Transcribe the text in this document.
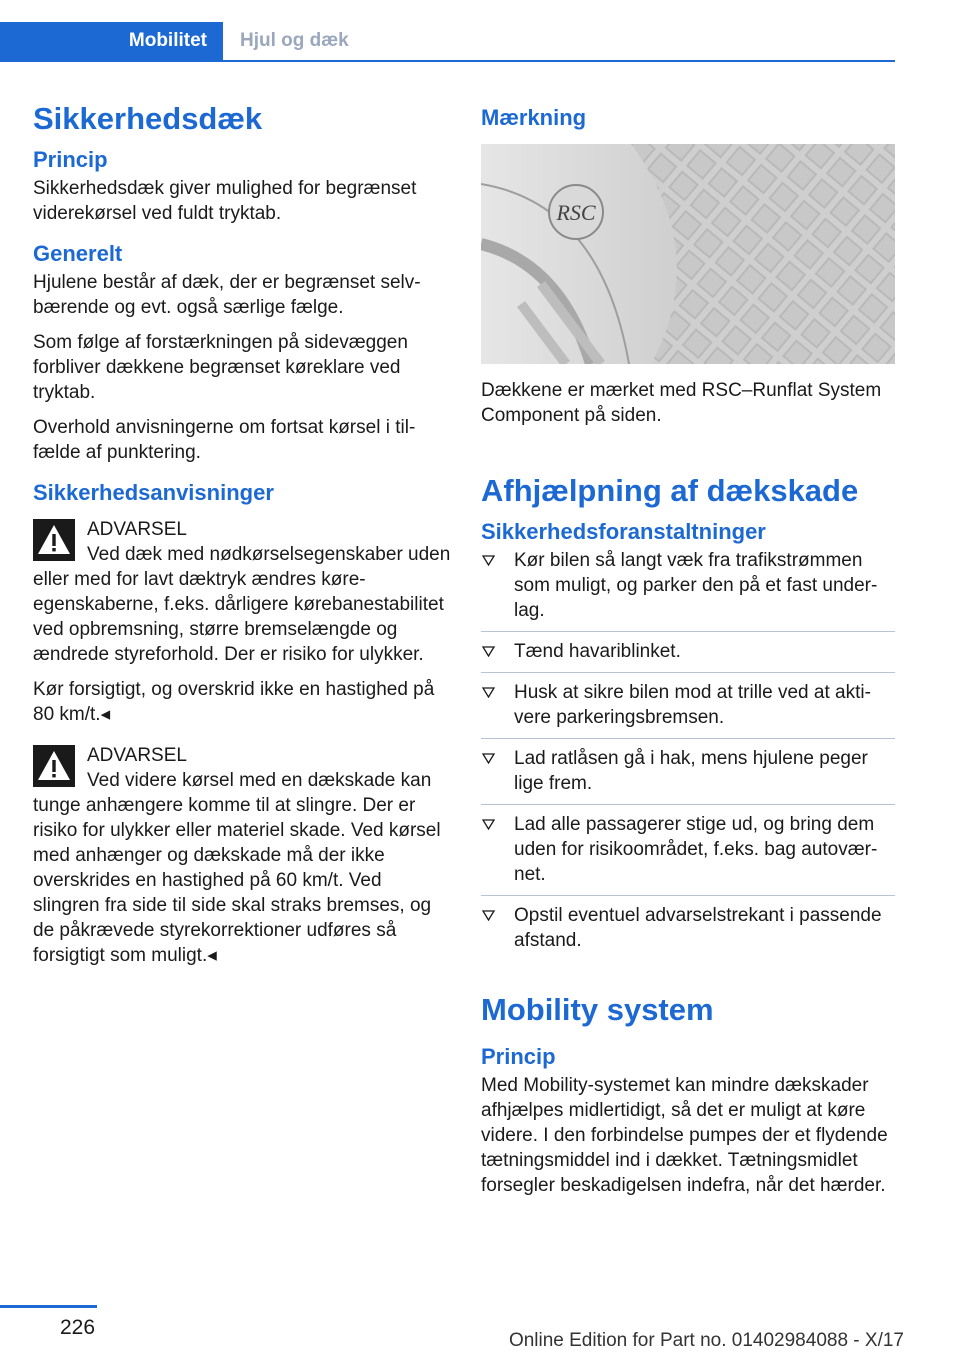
Mobilitet	Hjul og dæk
Sikkerhedsdæk
Princip

Sikkerhedsdæk giver mulighed for begrænset viderekørsel ved fuldt tryktab.

Generelt

Hjulene består af dæk, der er begrænset selvbærende og evt. også særlige fælge.

Som følge af forstærkningen på sidevæggen forbliver dækkene begrænset køreklare ved tryktab.

Overhold anvisningerne om fortsat kørsel i tilfælde af punktering.

Sikkerhedsanvisninger
ADVARSEL

Ved dæk med nødkørselsegenskaber uden eller med for lavt dæktryk ændres køreegenskaberne, f.eks. dårligere kørebanestabilitet ved opbremsning, større bremselængde og ændrede styreforhold. Der er risiko for ulykker.

Kør forsigtigt, og overskrid ikke en hastighed på 80 km/t.◂

ADVARSEL

Ved videre kørsel med en dækskade kan tunge anhængere komme til at slingre. Der er risiko for ulykker eller materiel skade. Ved kørsel med anhænger og dækskade må der ikke overskrides en hastighed på 60 km/t. Ved slingren fra side til side skal straks bremses, og de påkrævede styrekorrektioner udføres så forsigtigt som muligt.◂

Mærkning
RSC

Dækkene er mærket med RSC–Runflat System Component på siden.

Afhjælpning af dækskade
Sikkerhedsforanstaltninger
Kør bilen så langt væk fra trafikstrømmen som muligt, og parker den på et fast underlag.
Tænd havariblinket.
Husk at sikre bilen mod at trille ved at aktivere parkeringsbremsen.
Lad ratlåsen gå i hak, mens hjulene peger lige frem.
Lad alle passagerer stige ud, og bring dem uden for risikoområdet, f.eks. bag autoværnet.
Opstil eventuel advarselstrekant i passende afstand.
Mobility system
Princip

Med Mobility-systemet kan mindre dækskader afhjælpes midlertidigt, så det er muligt at køre videre. I den forbindelse pumpes der et flydende tætningsmiddel ind i dækket. Tætningsmidlet forsegler beskadigelsen indefra, når det hærder.

226
Online Edition for Part no. 01402984088 - X/17
